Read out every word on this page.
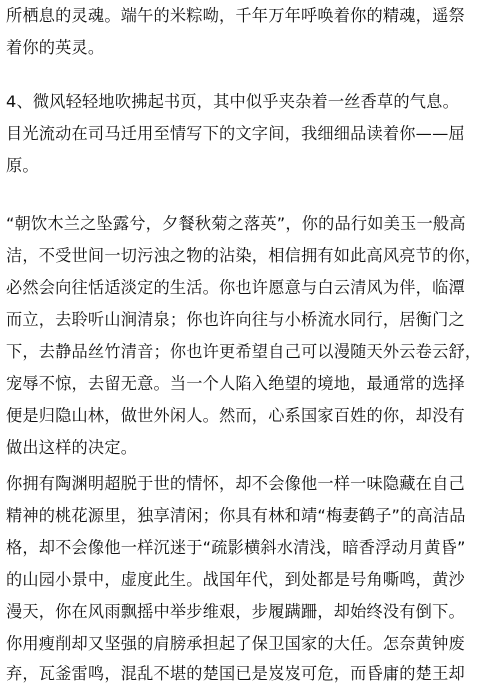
所栖息的灵魂。端午的米粽呦，千年万年呼唤着你的精魂，遥祭
着你的英灵。
4、微风轻轻地吹拂起书页，其中似乎夹杂着一丝香草的气息。
目光流动在司马迁用至情写下的文字间，我细细品读着你——屈
原。
“朝饮木兰之坠露兮，夕餐秋菊之落英”，你的品行如美玉一般高
洁，不受世间一切污浊之物的沾染，相信拥有如此高风亮节的你，
必然会向往恬适淡定的生活。你也许愿意与白云清风为伴，临潭
而立，去聆听山涧清泉；你也许向往与小桥流水同行，居衡门之
下，去静品丝竹清音；你也许更希望自己可以漫随天外云卷云舒，
宠辱不惊，去留无意。当一个人陷入绝望的境地，最通常的选择
便是归隐山林，做世外闲人。然而，心系国家百姓的你，却没有
做出这样的决定。
你拥有陶渊明超脱于世的情怀，却不会像他一样一味隐藏在自己
精神的桃花源里，独享清闲；你具有林和靖“梅妻鹤子”的高洁品
格，却不会像他一样沉迷于“疏影横斜水清浅，暗香浮动月黄昏”
的山园小景中，虚度此生。战国年代，到处都是号角嘶鸣，黄沙
漫天，你在风雨飘摇中举步维艰，步履蹒跚，却始终没有倒下。
你用瘦削却又坚强的肩膀承担起了保卫国家的大任。怎奈黄钟废
弃，瓦釜雷鸣，混乱不堪的楚国已是岌岌可危，而昏庸的楚王却
